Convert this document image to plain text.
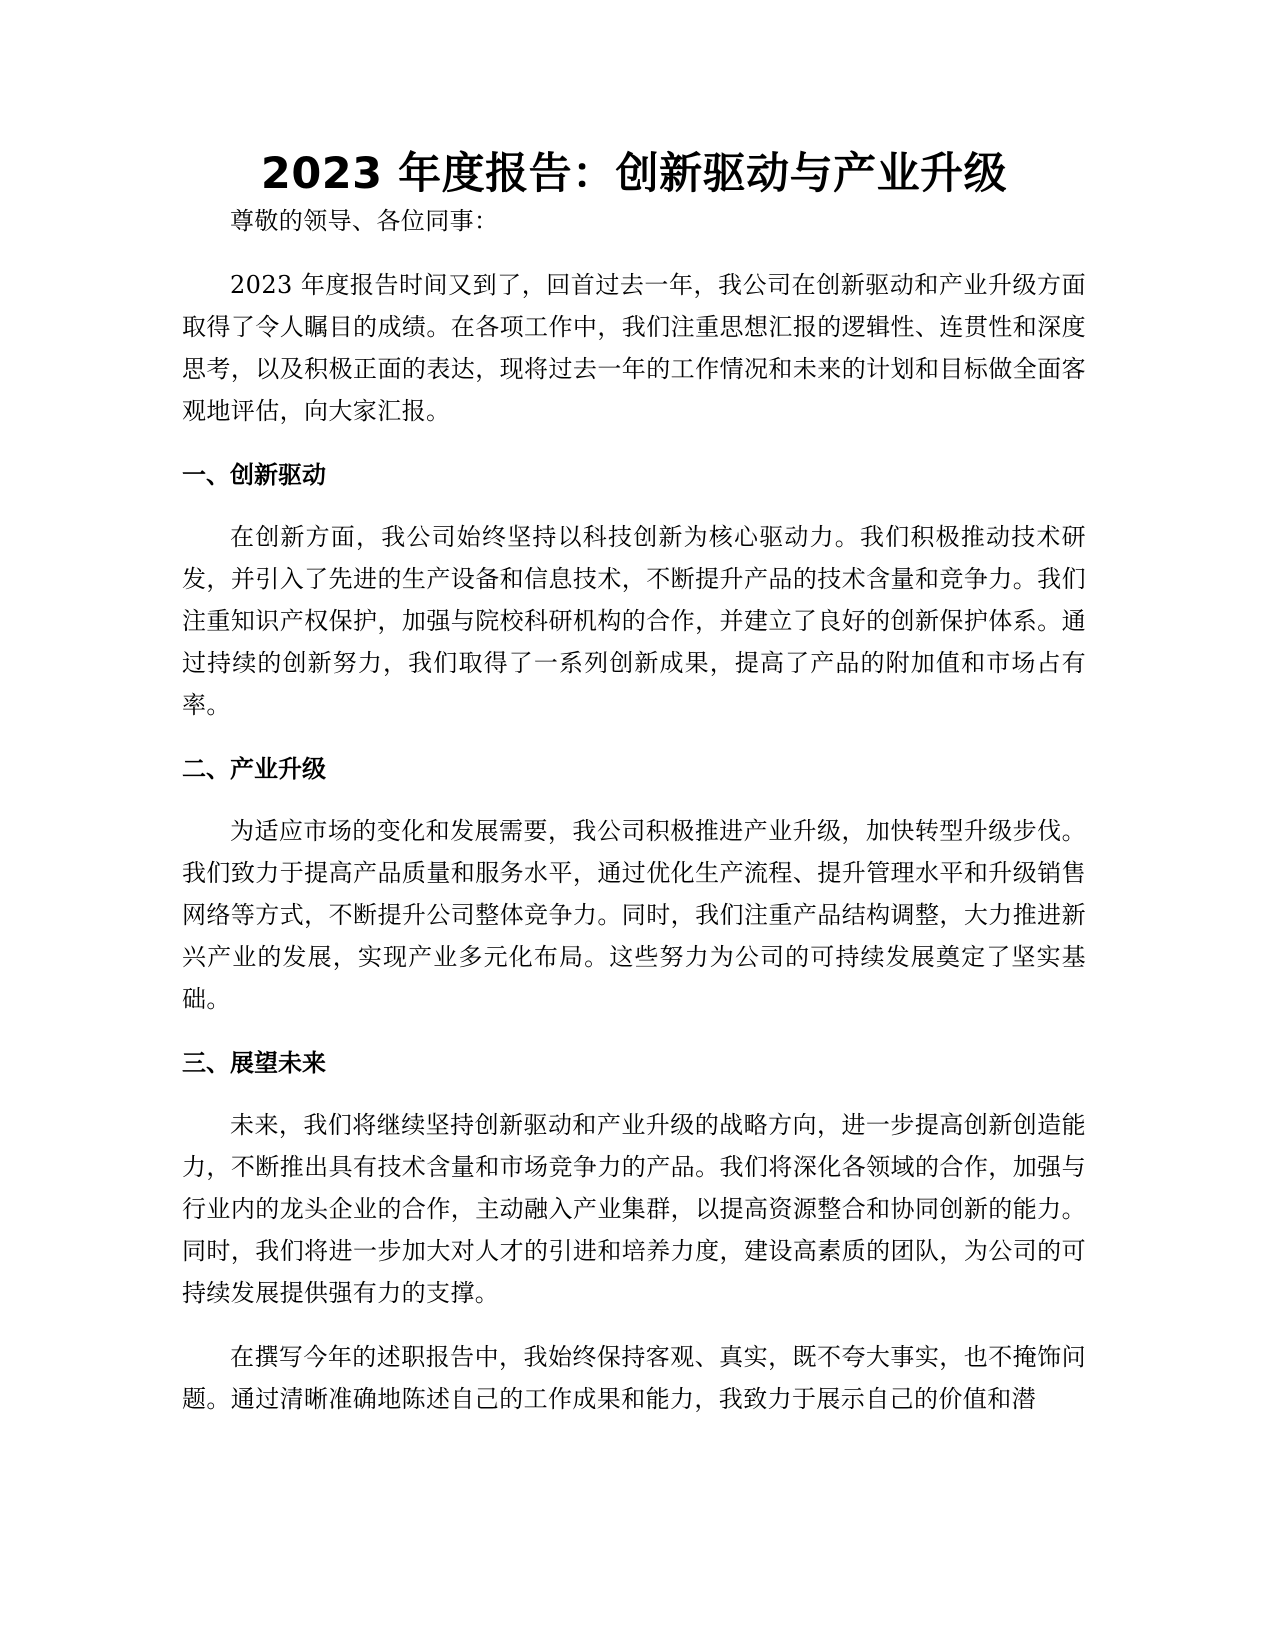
2023 年度报告：创新驱动与产业升级

尊敬的领导、各位同事：

2023 年度报告时间又到了，回首过去一年，我公司在创新驱动和产业升级方面取得了令人瞩目的成绩。在各项工作中，我们注重思想汇报的逻辑性、连贯性和深度思考，以及积极正面的表达，现将过去一年的工作情况和未来的计划和目标做全面客观地评估，向大家汇报。

一、创新驱动

在创新方面，我公司始终坚持以科技创新为核心驱动力。我们积极推动技术研发，并引入了先进的生产设备和信息技术，不断提升产品的技术含量和竞争力。我们注重知识产权保护，加强与院校科研机构的合作，并建立了良好的创新保护体系。通过持续的创新努力，我们取得了一系列创新成果，提高了产品的附加值和市场占有率。

二、产业升级

为适应市场的变化和发展需要，我公司积极推进产业升级，加快转型升级步伐。我们致力于提高产品质量和服务水平，通过优化生产流程、提升管理水平和升级销售网络等方式，不断提升公司整体竞争力。同时，我们注重产品结构调整，大力推进新兴产业的发展，实现产业多元化布局。这些努力为公司的可持续发展奠定了坚实基础。

三、展望未来

未来，我们将继续坚持创新驱动和产业升级的战略方向，进一步提高创新创造能力，不断推出具有技术含量和市场竞争力的产品。我们将深化各领域的合作，加强与行业内的龙头企业的合作，主动融入产业集群，以提高资源整合和协同创新的能力。同时，我们将进一步加大对人才的引进和培养力度，建设高素质的团队，为公司的可持续发展提供强有力的支撑。

在撰写今年的述职报告中，我始终保持客观、真实，既不夸大事实，也不掩饰问题。通过清晰准确地陈述自己的工作成果和能力，我致力于展示自己的价值和潜
